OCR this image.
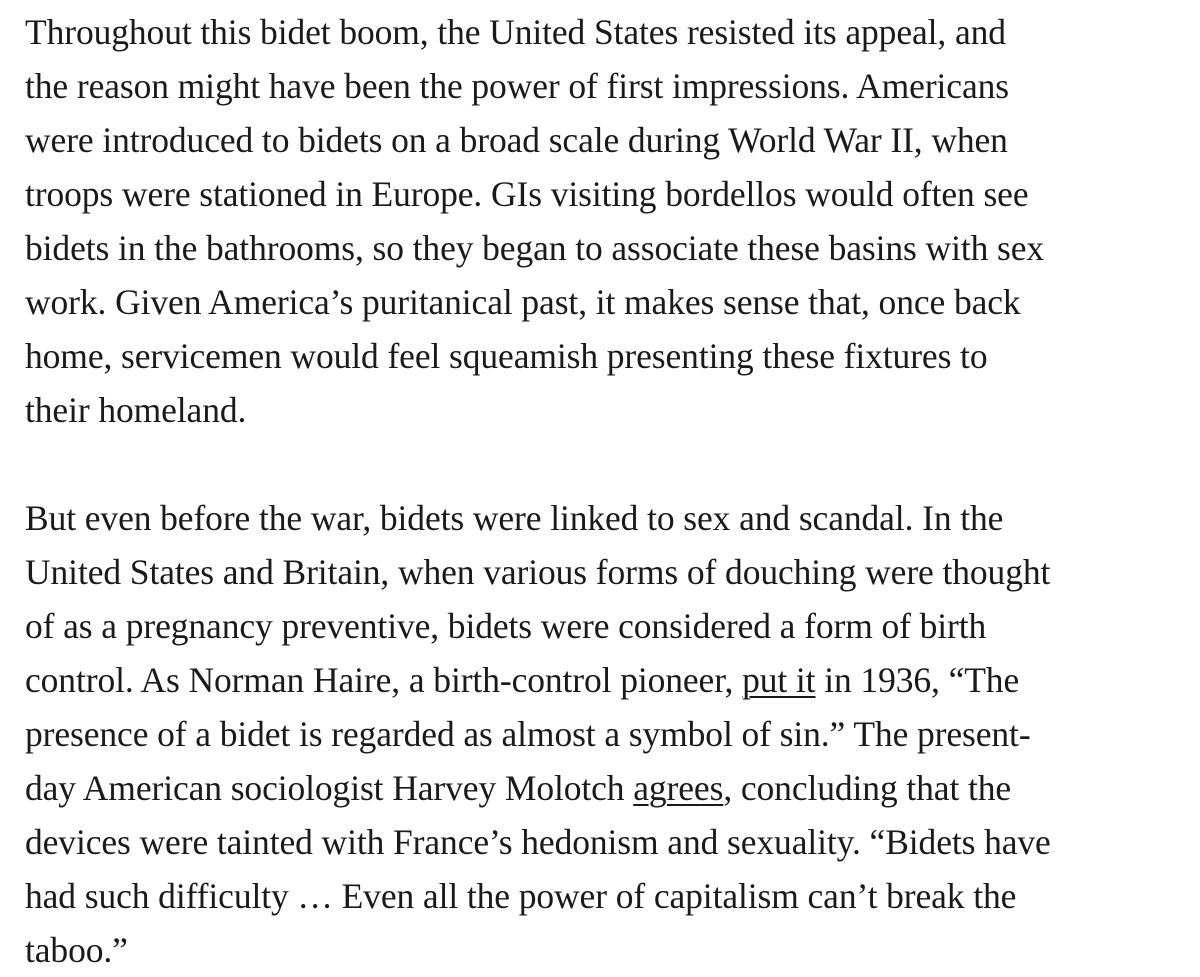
Throughout this bidet boom, the United States resisted its appeal, and
the reason might have been the power of first impressions. Americans
were introduced to bidets on a broad scale during World War II, when
troops were stationed in Europe. GIs visiting bordellos would often see
bidets in the bathrooms, so they began to associate these basins with sex
work. Given America’s puritanical past, it makes sense that, once back
home, servicemen would feel squeamish presenting these fixtures to
their homeland.

But even before the war, bidets were linked to sex and scandal. In the
United States and Britain, when various forms of douching were thought
of as a pregnancy preventive, bidets were considered a form of birth
control. As Norman Haire, a birth-control pioneer, put it in 1936, “The
presence of a bidet is regarded as almost a symbol of sin.” The present-
day American sociologist Harvey Molotch agrees, concluding that the
devices were tainted with France’s hedonism and sexuality. “Bidets have
had such difficulty … Even all the power of capitalism can’t break the
taboo.”
